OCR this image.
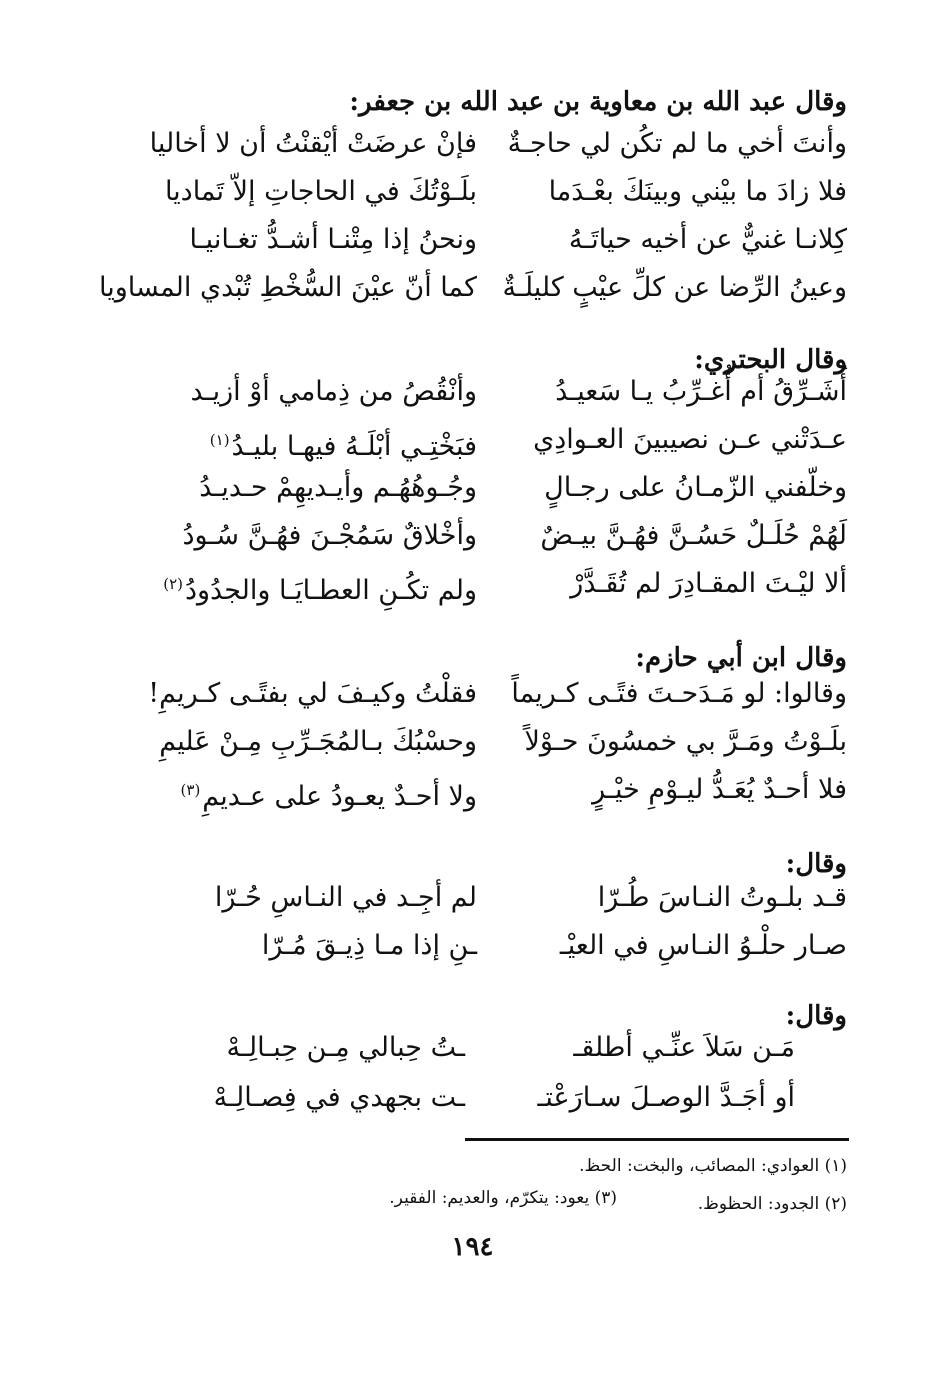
وقال عبد الله بن معاوية بن عبد الله بن جعفر:
وأنتَ أخي ما لم تكُن لي حاجـةٌ
فإنْ عرضَتْ أيْقنْتُ أن لا أخاليا
فلا زادَ ما بيْني وبينَكَ بعْـدَما
بلَـوْتُكَ في الحاجاتِ إلاّ تَماديا
كِلانـا غنيٌّ عن أخيه حياتَـهُ
ونحنُ إذا مِتْنـا أشـدُّ تغـانيـا
وعينُ الرِّضا عن كلِّ عيْبٍ كليلَـةٌ
كما أنّ عيْنَ السُّخْطِ تُبْدي المساويا
وقال البحتري:
أُشَـرِّقُ أم أُغـرِّبُ يـا سَعيـدُ
وأنْقُصُ من ذِمامي أوْ أزيـد
عـدَتْني عـن نصيبينَ العـوادِي
فبَخْتِـي أبْلَـهُ فيهـا بليـدُ$^{(١)}$
وخلّفني الزّمـانُ على رجـالٍ
وجُـوهُهُـم وأيـديهِمْ حـديـدُ
لَهُمْ حُلَـلٌ حَسُـنَّ فهُـنَّ بيـضٌ
وأخْلاقٌ سَمُجْـنَ فهُـنَّ سُـودُ
ألا ليْـتَ المقـادِرَ لم تُقَـدَّرْ
ولم تكُـنِ العطـايَـا والجدُودُ$^{(٢)}$
وقال ابن أبي حازم:
وقالوا: لو مَـدَحـتَ فتًـى كـريماً
فقلْتُ وكيـفَ لي بفتًـى كـريمِ!
بلَـوْتُ ومَـرَّ بي خمسُونَ حـوْلاً
وحسْبُكَ بـالمُجَـرِّبِ مِـنْ عَليمِ
فلا أحـدٌ يُعَـدُّ ليـوْمِ خيْـرٍ
ولا أحـدٌ يعـودُ على عـديمِ$^{(٣)}$
وقال:
قـد بلـوتُ النـاسَ طُـرّا
لم أجِـد في النـاسِ حُـرّا
صـار حلْـوُ النـاسِ في العيْـ
ـنِ إذا مـا ذِيـقَ مُـرّا
وقال:
مَـن سَلاَ عنِّـي أطلقـ
ـتُ حِبالي مِـن حِبـالِـهْ
أو أجَـدَّ الوصـلَ سـارَعْتـ
ـت بجهدي في فِصـالِـهْ
(١) العوادي: المصائب، والبخت: الحظ.
(٢) الجدود: الحظوظ.
(٣) يعود: يتكرّم، والعديم: الفقير.
١٩٤
